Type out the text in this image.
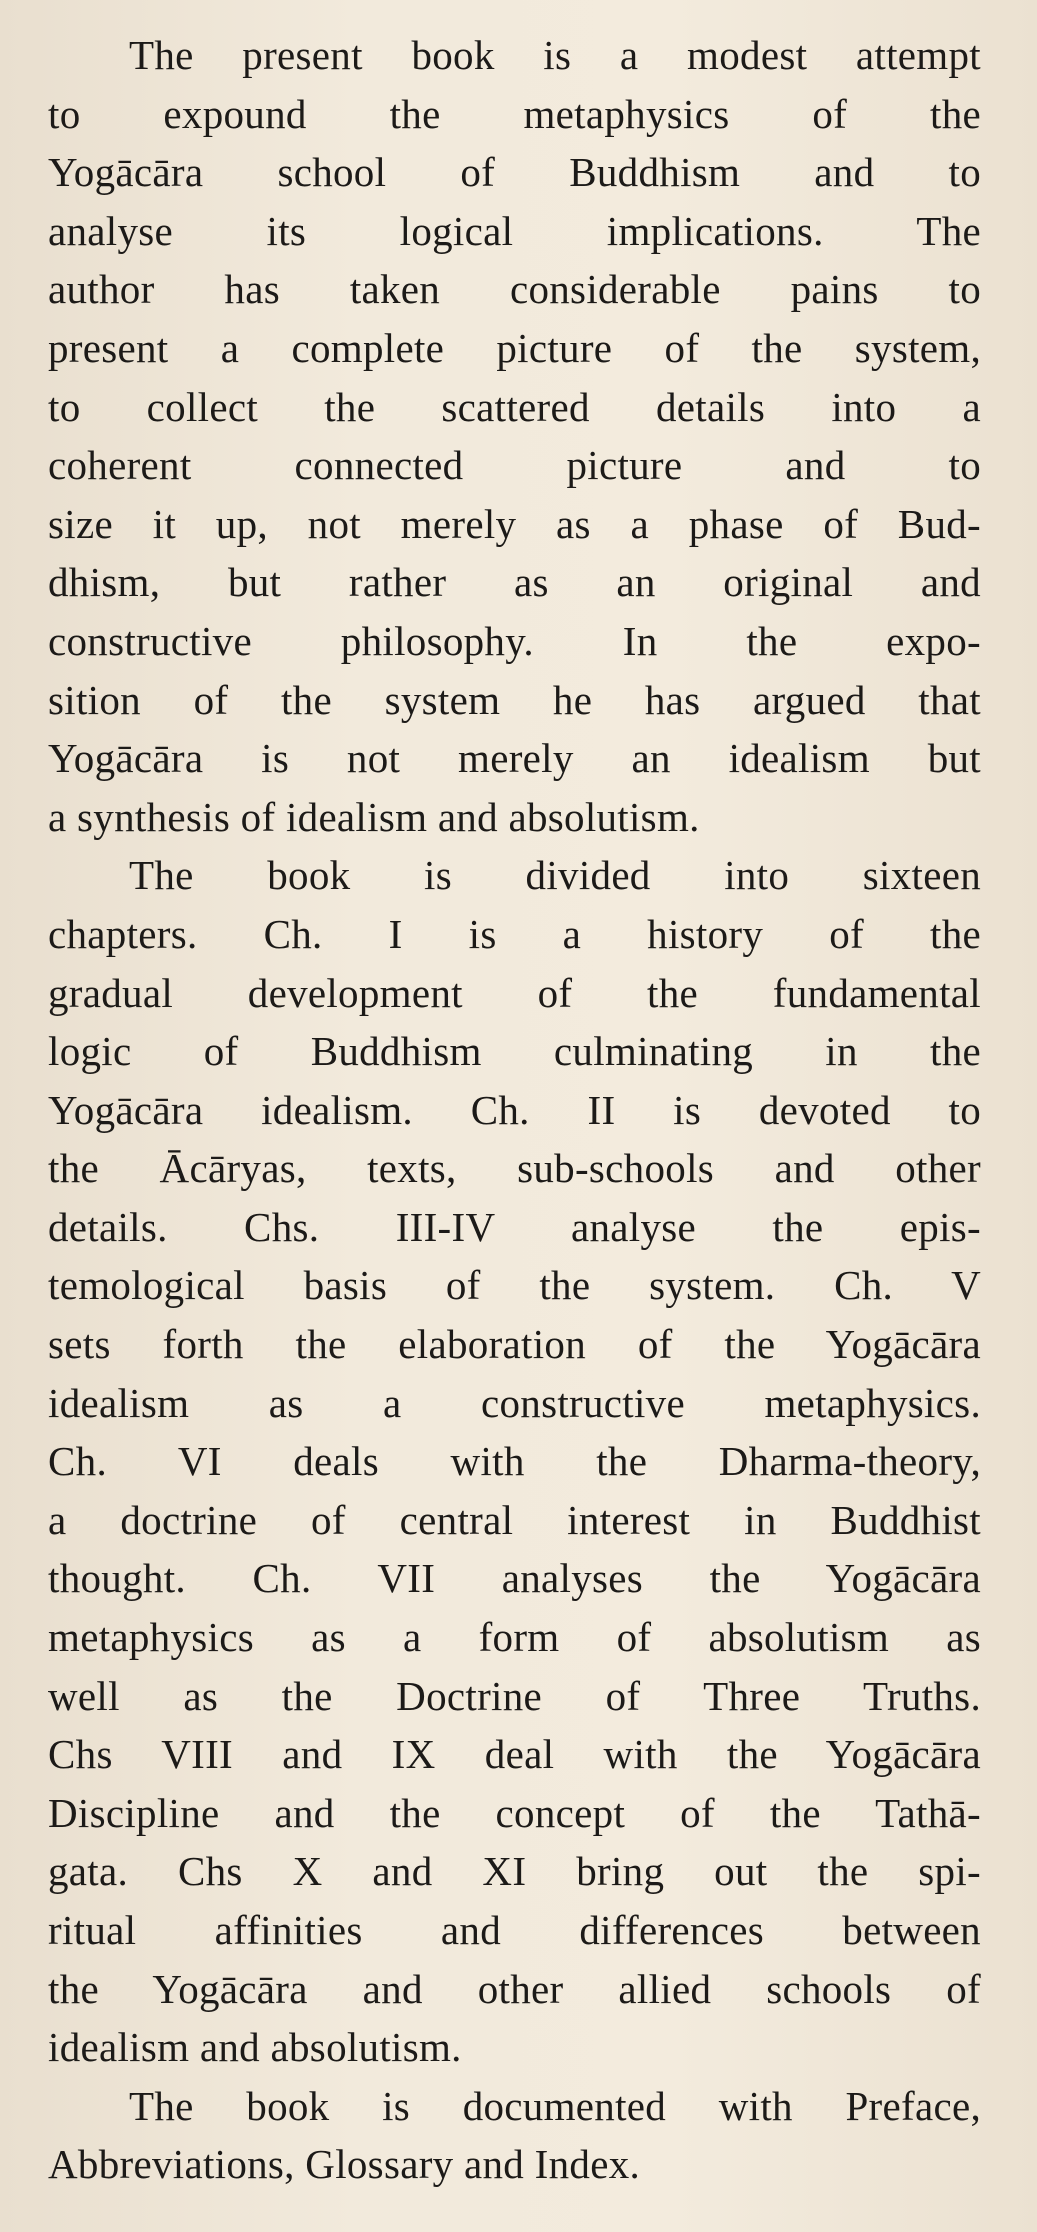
The present book is a modest attempt
to expound the metaphysics of the
Yogācāra school of Buddhism and to
analyse its logical implications. The
author has taken considerable pains to
present a complete picture of the system,
to collect the scattered details into a
coherent connected picture and to
size it up, not merely as a phase of Bud-
dhism, but rather as an original and
constructive philosophy. In the expo-
sition of the system he has argued that
Yogācāra is not merely an idealism but
a synthesis of idealism and absolutism.
The book is divided into sixteen
chapters. Ch. I is a history of the
gradual development of the fundamental
logic of Buddhism culminating in the
Yogācāra idealism. Ch. II is devoted to
the Ācāryas, texts, sub-schools and other
details. Chs. III-IV analyse the epis-
temological basis of the system. Ch. V
sets forth the elaboration of the Yogācāra
idealism as a constructive metaphysics.
Ch. VI deals with the Dharma-theory,
a doctrine of central interest in Buddhist
thought. Ch. VII analyses the Yogācāra
metaphysics as a form of absolutism as
well as the Doctrine of Three Truths.
Chs VIII and IX deal with the Yogācāra
Discipline and the concept of the Tathā-
gata. Chs X and XI bring out the spi-
ritual affinities and differences between
the Yogācāra and other allied schools of
idealism and absolutism.
The book is documented with Preface,
Abbreviations, Glossary and Index.
